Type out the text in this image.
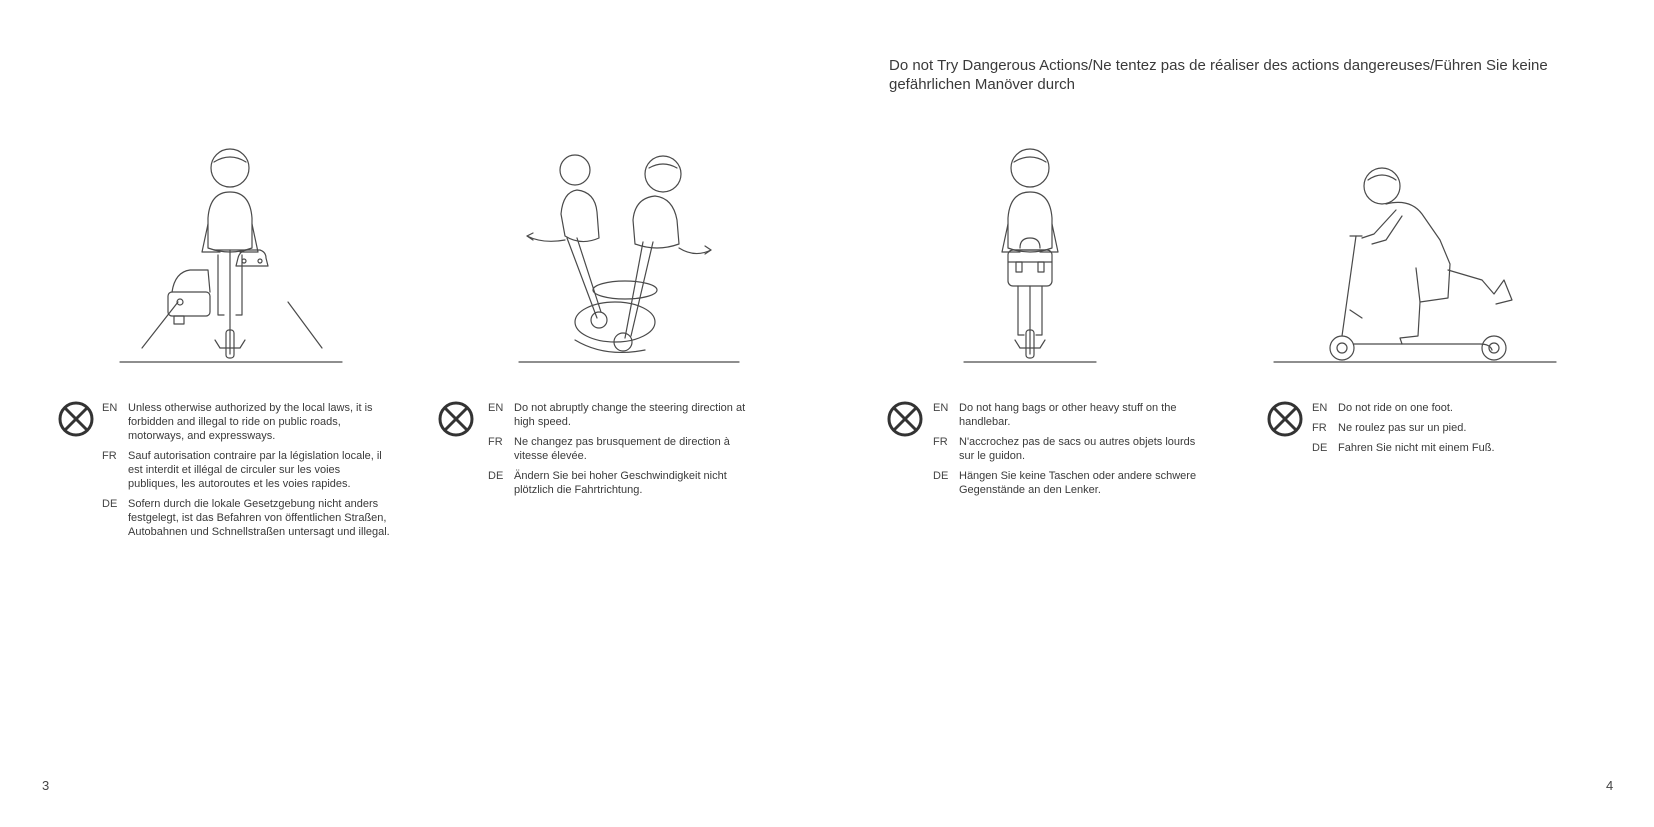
Do not Try Dangerous Actions/Ne tentez pas de réaliser des actions dangereuses/Führen Sie keine gefährlichen Manöver durch
EN Unless otherwise authorized by the local laws, it is forbidden and illegal to ride on public roads, motorways, and expressways.
FR	Sauf autorisation contraire par la législation locale, il est interdit et illégal de circuler sur les voies publiques, les autoroutes et les voies rapides.
DE Sofern durch die lokale Gesetzgebung nicht anders festgelegt, ist das Befahren von öffentlichen Straßen, Autobahnen und Schnellstraßen untersagt und illegal.
EN Do not abruptly change the steering direction at high speed.
FR	Ne changez pas brusquement de direction à vitesse élevée.
DE Ändern Sie bei hoher Geschwindigkeit nicht plötzlich die Fahrtrichtung.
EN Do not hang bags or other heavy stuff on the handlebar.
FR	N'accrochez pas de sacs ou autres objets lourds sur le guidon.
DE Hängen Sie keine Taschen oder andere schwere Gegenstände an den Lenker.
EN Do not ride on one foot.
FR	Ne roulez pas sur un pied.
DE Fahren Sie nicht mit einem Fuß.
3	4
